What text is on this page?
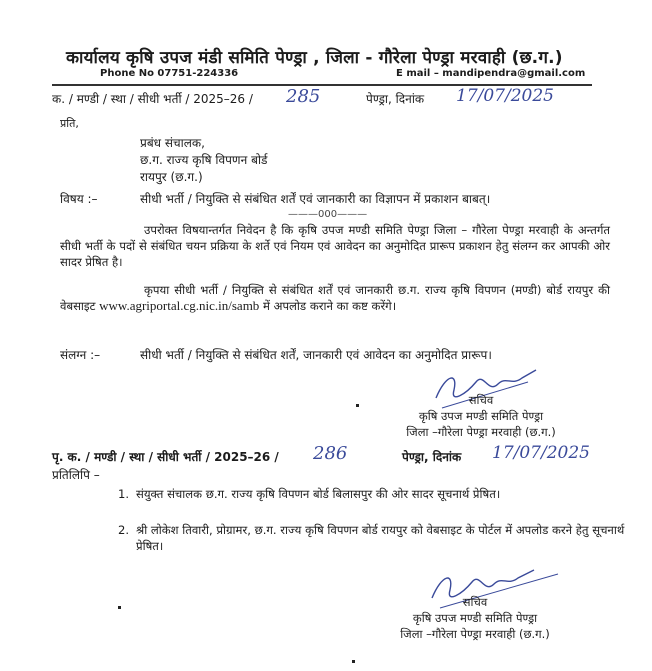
कार्यालय कृषि उपज मंडी समिति पेण्ड्रा , जिला - गौरेला पेण्ड्रा मरवाही (छ.ग.)
Phone No 07751-224336	E mail – mandipendra@gmail.com
क. / मण्डी / स्था / सीधी भर्ती / 2025–26 / 285	पेण्ड्रा, दिनांक 17/07/2025
प्रति,
प्रबंध संचालक,
छ.ग. राज्य कृषि विपणन बोर्ड
रायपुर (छ.ग.)
विषय :–	सीधी भर्ती / नियुक्ति से संबंधित शर्तें एवं जानकारी का विज्ञापन में प्रकाशन बाबत्।
———000———
उपरोक्त विषयान्तर्गत निवेदन है कि कृषि उपज मण्डी समिति पेण्ड्रा जिला – गौरेला पेण्ड्रा मरवाही के अन्तर्गत सीधी भर्ती के पदों से संबंधित चयन प्रक्रिया के शर्ते एवं नियम एवं आवेदन का अनुमोदित प्रारूप प्रकाशन हेतु संलग्न कर आपकी ओर सादर प्रेषित है।
कृपया सीधी भर्ती / नियुक्ति से संबंधित शर्तें एवं जानकारी छ.ग. राज्य कृषि विपणन (मण्डी) बोर्ड रायपुर की वेबसाइट www.agriportal.cg.nic.in/samb में अपलोड कराने का कष्ट करेंगे।
संलग्न :–	सीधी भर्ती / नियुक्ति से संबंधित शर्तें, जानकारी एवं आवेदन का अनुमोदित प्रारूप।
सचिव
कृषि उपज मण्डी समिति पेण्ड्रा
जिला –गौरेला पेण्ड्रा मरवाही (छ.ग.)
पृ. क. / मण्डी / स्था / सीधी भर्ती / 2025–26 / 286	पेण्ड्रा, दिनांक 17/07/2025
प्रतिलिपि –
1. संयुक्त संचालक छ.ग. राज्य कृषि विपणन बोर्ड बिलासपुर की ओर सादर सूचनार्थ प्रेषित।
2. श्री लोकेश तिवारी, प्रोग्रामर, छ.ग. राज्य कृषि विपणन बोर्ड रायपुर को वेबसाइट के पोर्टल में अपलोड करने हेतु सूचनार्थ प्रेषित।
सचिव
कृषि उपज मण्डी समिति पेण्ड्रा
जिला –गौरेला पेण्ड्रा मरवाही (छ.ग.)
